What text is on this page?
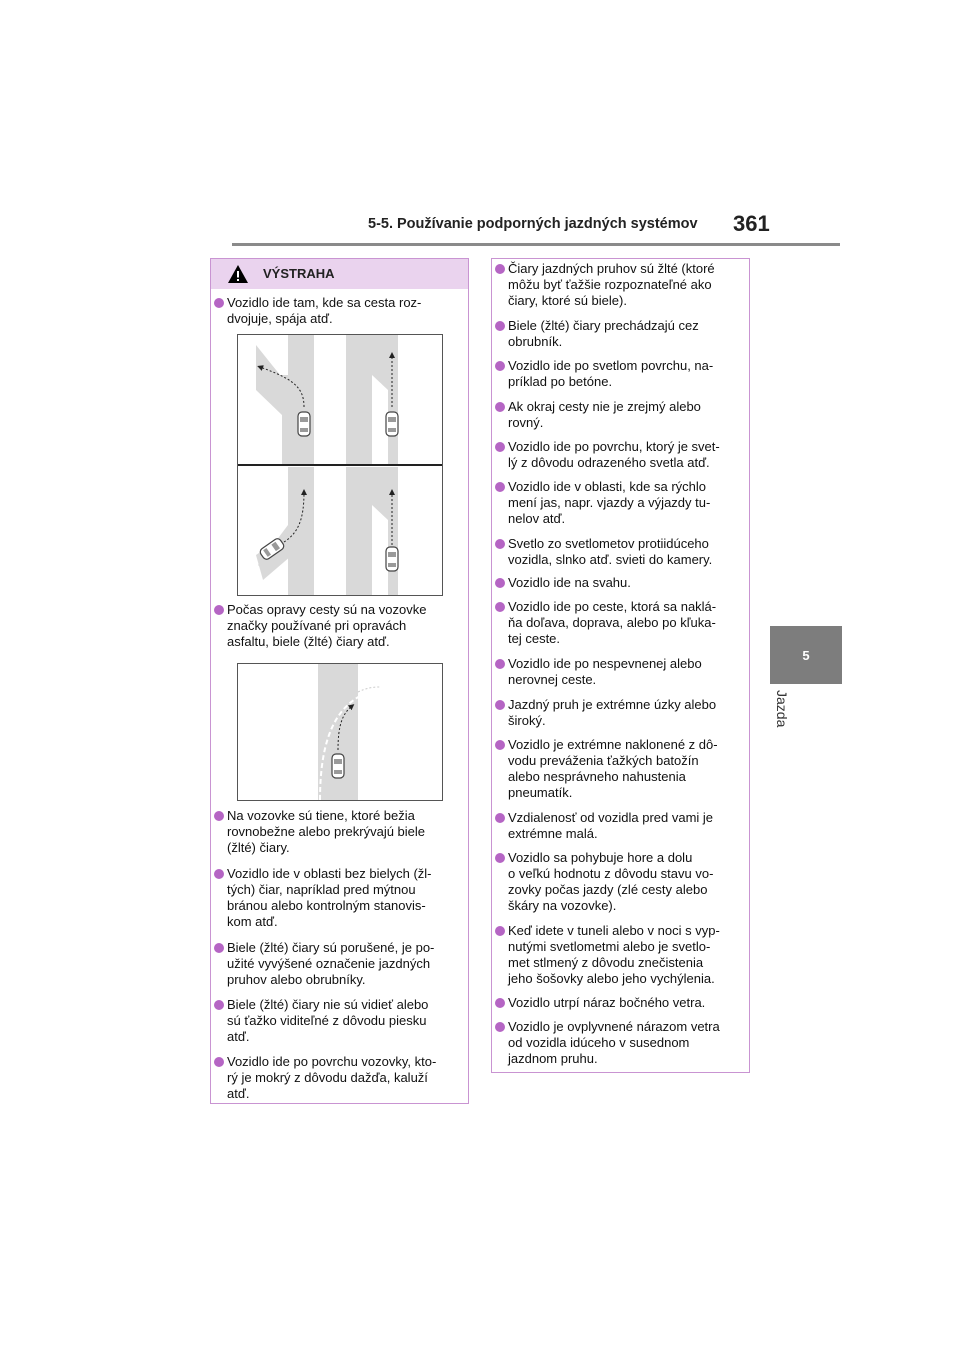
5-5. Používanie podporných jazdných systémov 361
5
Jazda
VÝSTRAHA
Vozidlo ide tam, kde sa cesta roz-
dvojuje, spája atď.
Počas opravy cesty sú na vozovke
značky používané pri opravách
asfaltu, biele (žlté) čiary atď.
Na vozovke sú tiene, ktoré bežia
rovnobežne alebo prekrývajú biele
(žlté) čiary.
Vozidlo ide v oblasti bez bielych (žl-
tých) čiar, napríklad pred mýtnou
bránou alebo kontrolným stanovis-
kom atď.
Biele (žlté) čiary sú porušené, je po-
užité vyvýšené označenie jazdných
pruhov alebo obrubníky.
Biele (žlté) čiary nie sú vidieť alebo
sú ťažko viditeľné z dôvodu piesku
atď.
Vozidlo ide po povrchu vozovky, kto-
rý je mokrý z dôvodu dažďa, kaluží
atď.
Čiary jazdných pruhov sú žlté (ktoré
môžu byť ťažšie rozpoznateľné ako
čiary, ktoré sú biele).
Biele (žlté) čiary prechádzajú cez
obrubník.
Vozidlo ide po svetlom povrchu, na-
príklad po betóne.
Ak okraj cesty nie je zrejmý alebo
rovný.
Vozidlo ide po povrchu, ktorý je svet-
lý z dôvodu odrazeného svetla atď.
Vozidlo ide v oblasti, kde sa rýchlo
mení jas, napr. vjazdy a výjazdy tu-
nelov atď.
Svetlo zo svetlometov protiidúceho
vozidla, slnko atď. svieti do kamery.
Vozidlo ide na svahu.
Vozidlo ide po ceste, ktorá sa naklá-
ňa doľava, doprava, alebo po kľuka-
tej ceste.
Vozidlo ide po nespevnenej alebo
nerovnej ceste.
Jazdný pruh je extrémne úzky alebo
široký.
Vozidlo je extrémne naklonené z dô-
vodu preváženia ťažkých batožín
alebo nesprávneho nahustenia
pneumatík.
Vzdialenosť od vozidla pred vami je
extrémne malá.
Vozidlo sa pohybuje hore a dolu
o veľkú hodnotu z dôvodu stavu vo-
zovky počas jazdy (zlé cesty alebo
škáry na vozovke).
Keď idete v tuneli alebo v noci s vyp-
nutými svetlometmi alebo je svetlo-
met stlmený z dôvodu znečistenia
jeho šošovky alebo jeho vychýlenia.
Vozidlo utrpí náraz bočného vetra.
Vozidlo je ovplyvnené nárazom vetra
od vozidla idúceho v susednom
jazdnom pruhu.
